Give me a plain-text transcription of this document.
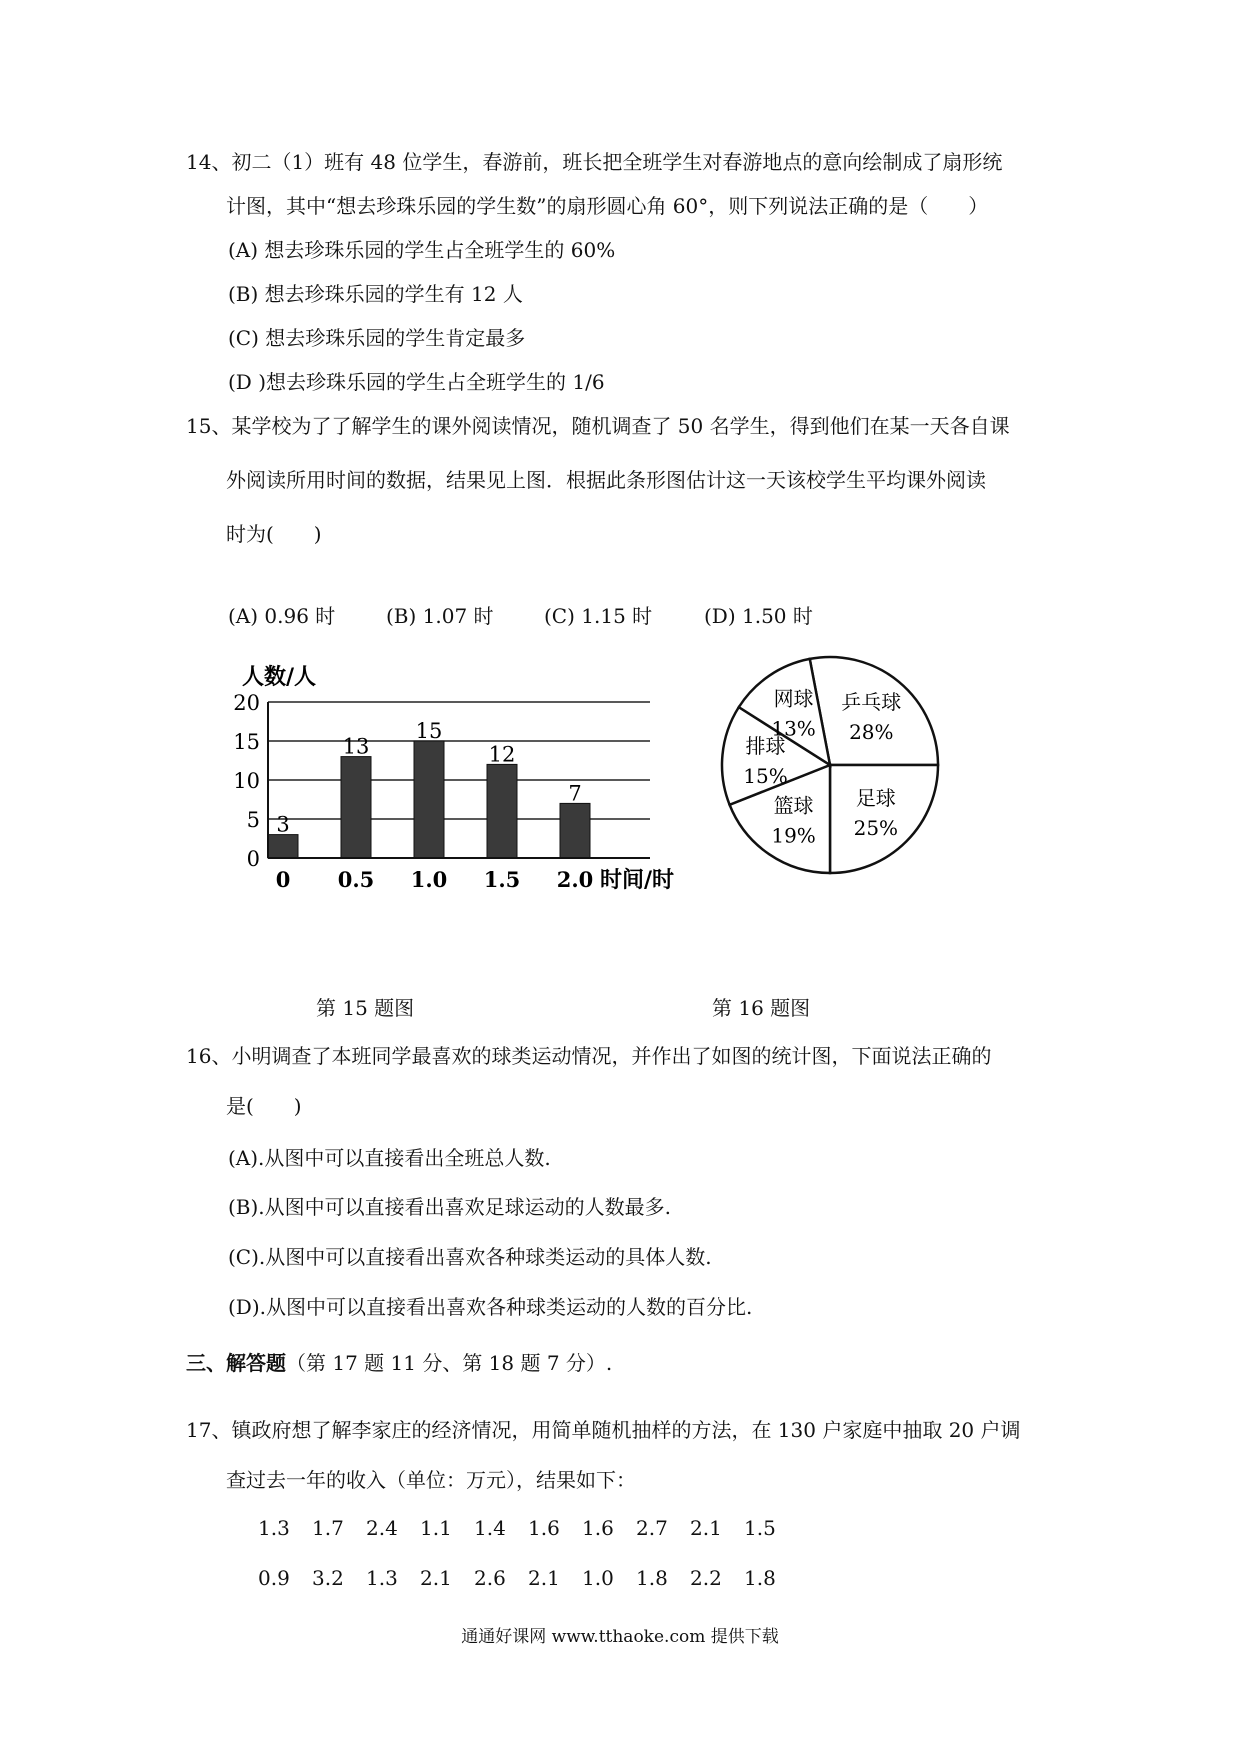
14、初二（1）班有 48 位学生，春游前，班长把全班学生对春游地点的意向绘制成了扇形统
计图，其中“想去珍珠乐园的学生数”的扇形圆心角 60°，则下列说法正确的是（　　）
(A) 想去珍珠乐园的学生占全班学生的 60%
(B) 想去珍珠乐园的学生有 12 人
(C) 想去珍珠乐园的学生肯定最多
(D )想去珍珠乐园的学生占全班学生的 1/6
15、某学校为了了解学生的课外阅读情况，随机调查了 50 名学生，得到他们在某一天各自课
外阅读所用时间的数据，结果见上图．根据此条形图估计这一天该校学生平均课外阅读
时为(　　)
(A) 0.96 时	(B) 1.07 时	(C) 1.15 时	(D) 1.50 时
3
13
15
12
7
0
5
10
15
20
0 0.5 1.0 1.5 2.0
人数/人
时间/时
乒乓球
28%
足球
25%
篮球
19%
排球
15%
网球
13%
第 15 题图	第 16 题图
16、小明调查了本班同学最喜欢的球类运动情况，并作出了如图的统计图，下面说法正确的
是(　　)
(A).从图中可以直接看出全班总人数.
(B).从图中可以直接看出喜欢足球运动的人数最多.
(C).从图中可以直接看出喜欢各种球类运动的具体人数.
(D).从图中可以直接看出喜欢各种球类运动的人数的百分比.
三、解答题（第 17 题 11 分、第 18 题 7 分）.
17、镇政府想了解李家庄的经济情况，用简单随机抽样的方法，在 130 户家庭中抽取 20 户调
查过去一年的收入（单位：万元），结果如下：
1.3 1.7 2.4 1.1 1.4 1.6 1.6 2.7 2.1 1.5
0.9 3.2 1.3 2.1 2.6 2.1 1.0 1.8 2.2 1.8
通通好课网 www.tthaoke.com 提供下载
